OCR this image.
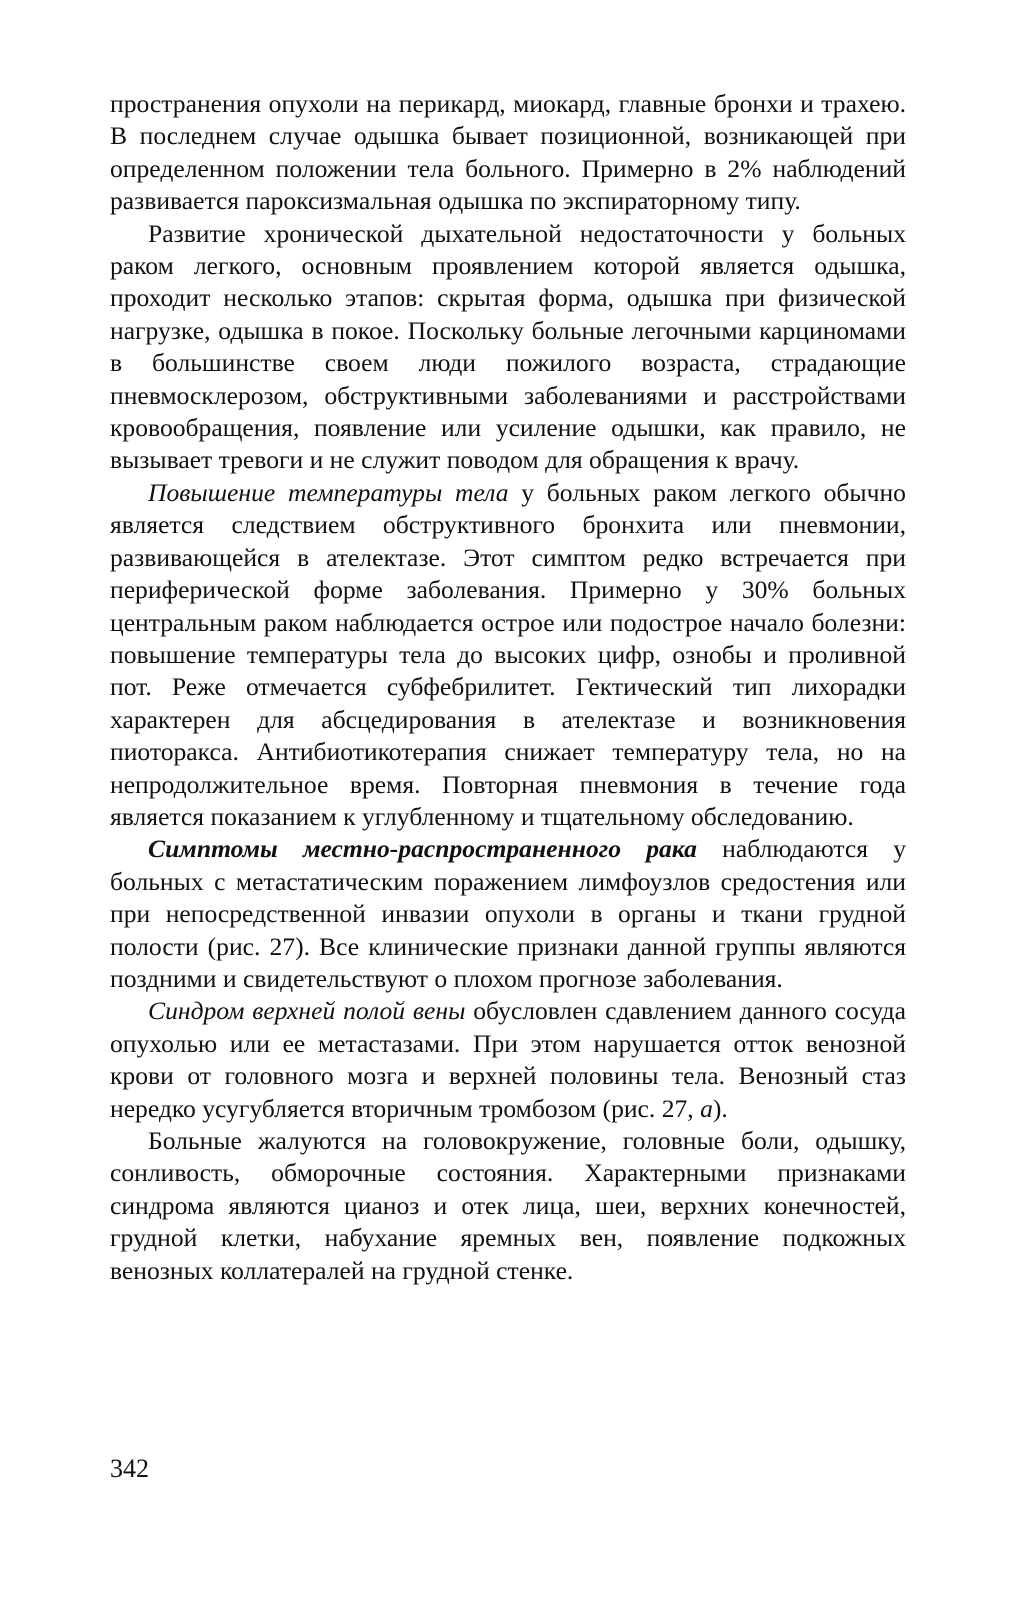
пространения опухоли на перикард, миокард, главные бронхи и трахею. В последнем случае одышка бывает позиционной, возникающей при определенном положении тела больного. Примерно в 2% наблюдений развивается пароксизмальная одышка по экспираторному типу.

Развитие хронической дыхательной недостаточности у больных раком легкого, основным проявлением которой является одышка, проходит несколько этапов: скрытая форма, одышка при физической нагрузке, одышка в покое. Поскольку больные легочными карциномами в большинстве своем люди пожилого возраста, страдающие пневмосклерозом, обструктивными заболеваниями и расстройствами кровообращения, появление или усиление одышки, как правило, не вызывает тревоги и не служит поводом для обращения к врачу.

Повышение температуры тела у больных раком легкого обычно является следствием обструктивного бронхита или пневмонии, развивающейся в ателектазе. Этот симптом редко встречается при периферической форме заболевания. Примерно у 30% больных центральным раком наблюдается острое или подострое начало болезни: повышение температуры тела до высоких цифр, ознобы и проливной пот. Реже отмечается субфебрилитет. Гектический тип лихорадки характерен для абсцедирования в ателектазе и возникновения пиоторакса. Антибиотикотерапия снижает температуру тела, но на непродолжительное время. Повторная пневмония в течение года является показанием к углубленному и тщательному обследованию.

Симптомы местно-распространенного рака наблюдаются у больных с метастатическим поражением лимфоузлов средостения или при непосредственной инвазии опухоли в органы и ткани грудной полости (рис. 27). Все клинические признаки данной группы являются поздними и свидетельствуют о плохом прогнозе заболевания.

Синдром верхней полой вены обусловлен сдавлением данного сосуда опухолью или ее метастазами. При этом нарушается отток венозной крови от головного мозга и верхней половины тела. Венозный стаз нередко усугубляется вторичным тромбозом (рис. 27, а).

Больные жалуются на головокружение, головные боли, одышку, сонливость, обморочные состояния. Характерными признаками синдрома являются цианоз и отек лица, шеи, верхних конечностей, грудной клетки, набухание яремных вен, появление подкожных венозных коллатералей на грудной стенке.

342
